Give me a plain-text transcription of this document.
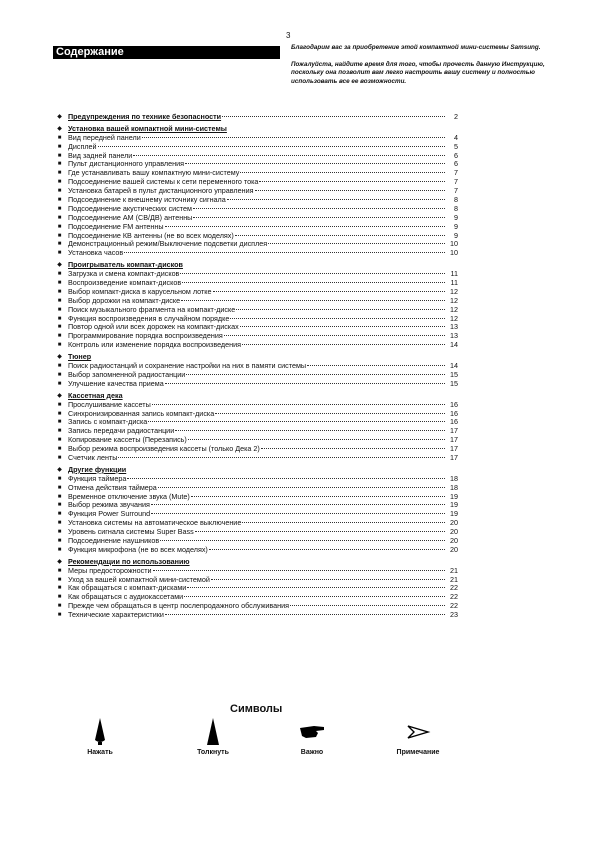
3
Содержание	Благодарим вас за приобретение этой компактной мини-системы Samsung.

Пожалуйста, найдите время для того, чтобы прочесть данную Инструкцию, поскольку она позволит вам легко настроить вашу систему и полностью использовать все ее возможности.

◆ Предупреждения по технике безопасности	2
◆ Установка вашей компактной мини-системы
■ Вид передней панели	4
■ Дисплей	5
■ Вид задней панели	6
■ Пульт дистанционного управления	6
■ Где устанавливать вашу компактную мини-систему	7
■ Подсоединение вашей системы к сети переменного тока	7
■ Установка батарей в пульт дистанционного управления	7
■ Подсоединение к внешнему источнику сигнала	8
■ Подсоединение акустических систем	8
■ Подсоединение AM (СВ/ДВ) антенны	9
■ Подсоединение FM антенны	9
■ Подсоединение КВ антенны (не во всех моделях)	9
■ Демонстрационный режим/Выключение подсветки дисплея	10
■ Установка часов	10
◆ Проигрыватель компакт-дисков
■ Загрузка и смена компакт-дисков	11
■ Воспроизведение компакт-дисков	11
■ Выбор компакт-диска в карусельном лотке	12
■ Выбор дорожки на компакт-диске	12
■ Поиск музыкального фрагмента на компакт-диске	12
■ Функция воспроизведения в случайном порядке	12
■ Повтор одной или всех дорожек на компакт-дисках	13
■ Программирование порядка воспроизведения	13
■ Контроль или изменение порядка воспроизведения	14
◆ Тюнер
■ Поиск радиостанций и сохранение настройки на них в памяти системы	14
■ Выбор запомненной радиостанции	15
■ Улучшение качества приема	15
◆ Кассетная дека
■ Прослушивание кассеты	16
■ Синхронизированная запись компакт-диска	16
■ Запись с компакт-диска	16
■ Запись передачи радиостанции	17
■ Копирование кассеты (Перезапись)	17
■ Выбор режима воспроизведения кассеты (только Дека 2)	17
■ Счетчик ленты	17
◆ Другие функции
■ Функция таймера	18
■ Отмена действия таймера	18
■ Временное отключение звука (Mute)	19
■ Выбор режима звучания	19
■ Функция Power Surround	19
■ Установка системы на автоматическое выключение	20
■ Уровень сигнала системы Super Bass	20
■ Подсоединение наушников	20
■ Функция микрофона (не во всех моделях)	20
◆ Рекомендации по использованию
■ Меры предосторожности	21
■ Уход за вашей компактной мини-системой	21
■ Как обращаться с компакт-дисками	22
■ Как обращаться с аудиокассетами	22
■ Прежде чем обращаться в центр послепродажного обслуживания	22
■ Технические характеристики	23
Символы
Нажать	Толкнуть	Важно	Примечание
